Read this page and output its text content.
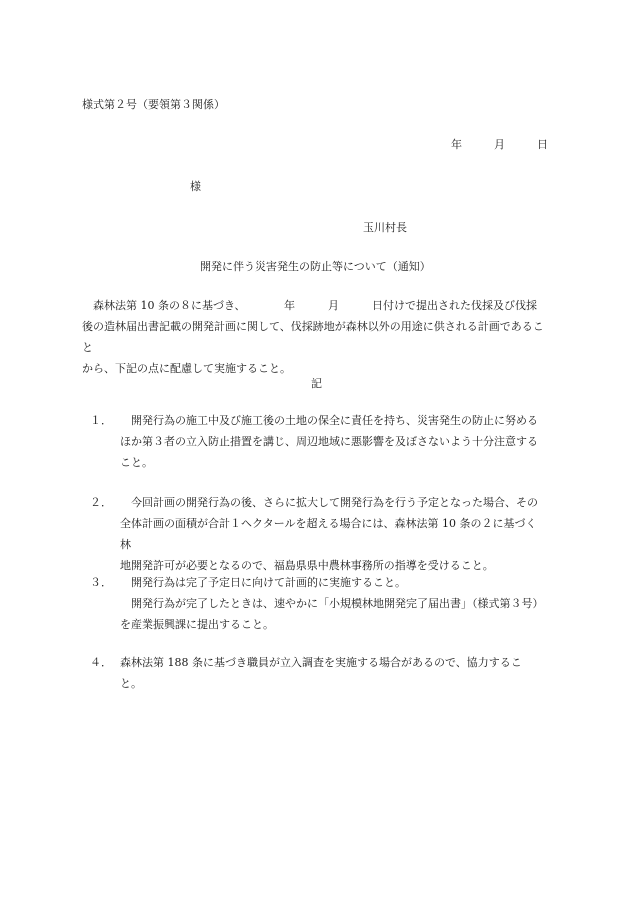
様式第２号（要領第３関係）
年	月	日
様
玉川村長
開発に伴う災害発生の防止等について（通知）

森林法第 10 条の８に基づき、　　　　年　　　月　　　日付けで提出された伐採及び伐採

後の造林届出書記載の開発計画に関して、伐採跡地が森林以外の用途に供される計画であること

から、下記の点に配慮して実施すること。

記
１．	開発行為の施工中及び施工後の土地の保全に責任を持ち、災害発生の防止に努める

ほか第３者の立入防止措置を講じ、周辺地域に悪影響を及ぼさないよう十分注意する

こと。

２．	今回計画の開発行為の後、さらに拡大して開発行為を行う予定となった場合、その

全体計画の面積が合計１ヘクタールを超える場合には、森林法第 10 条の２に基づく林

地開発許可が必要となるので、福島県県中農林事務所の指導を受けること。

３．	開発行為は完了予定日に向けて計画的に実施すること。

開発行為が完了したときは、速やかに「小規模林地開発完了届出書」（様式第３号）

を産業振興課に提出すること。

４． 森林法第 188 条に基づき職員が立入調査を実施する場合があるので、協力すること。
